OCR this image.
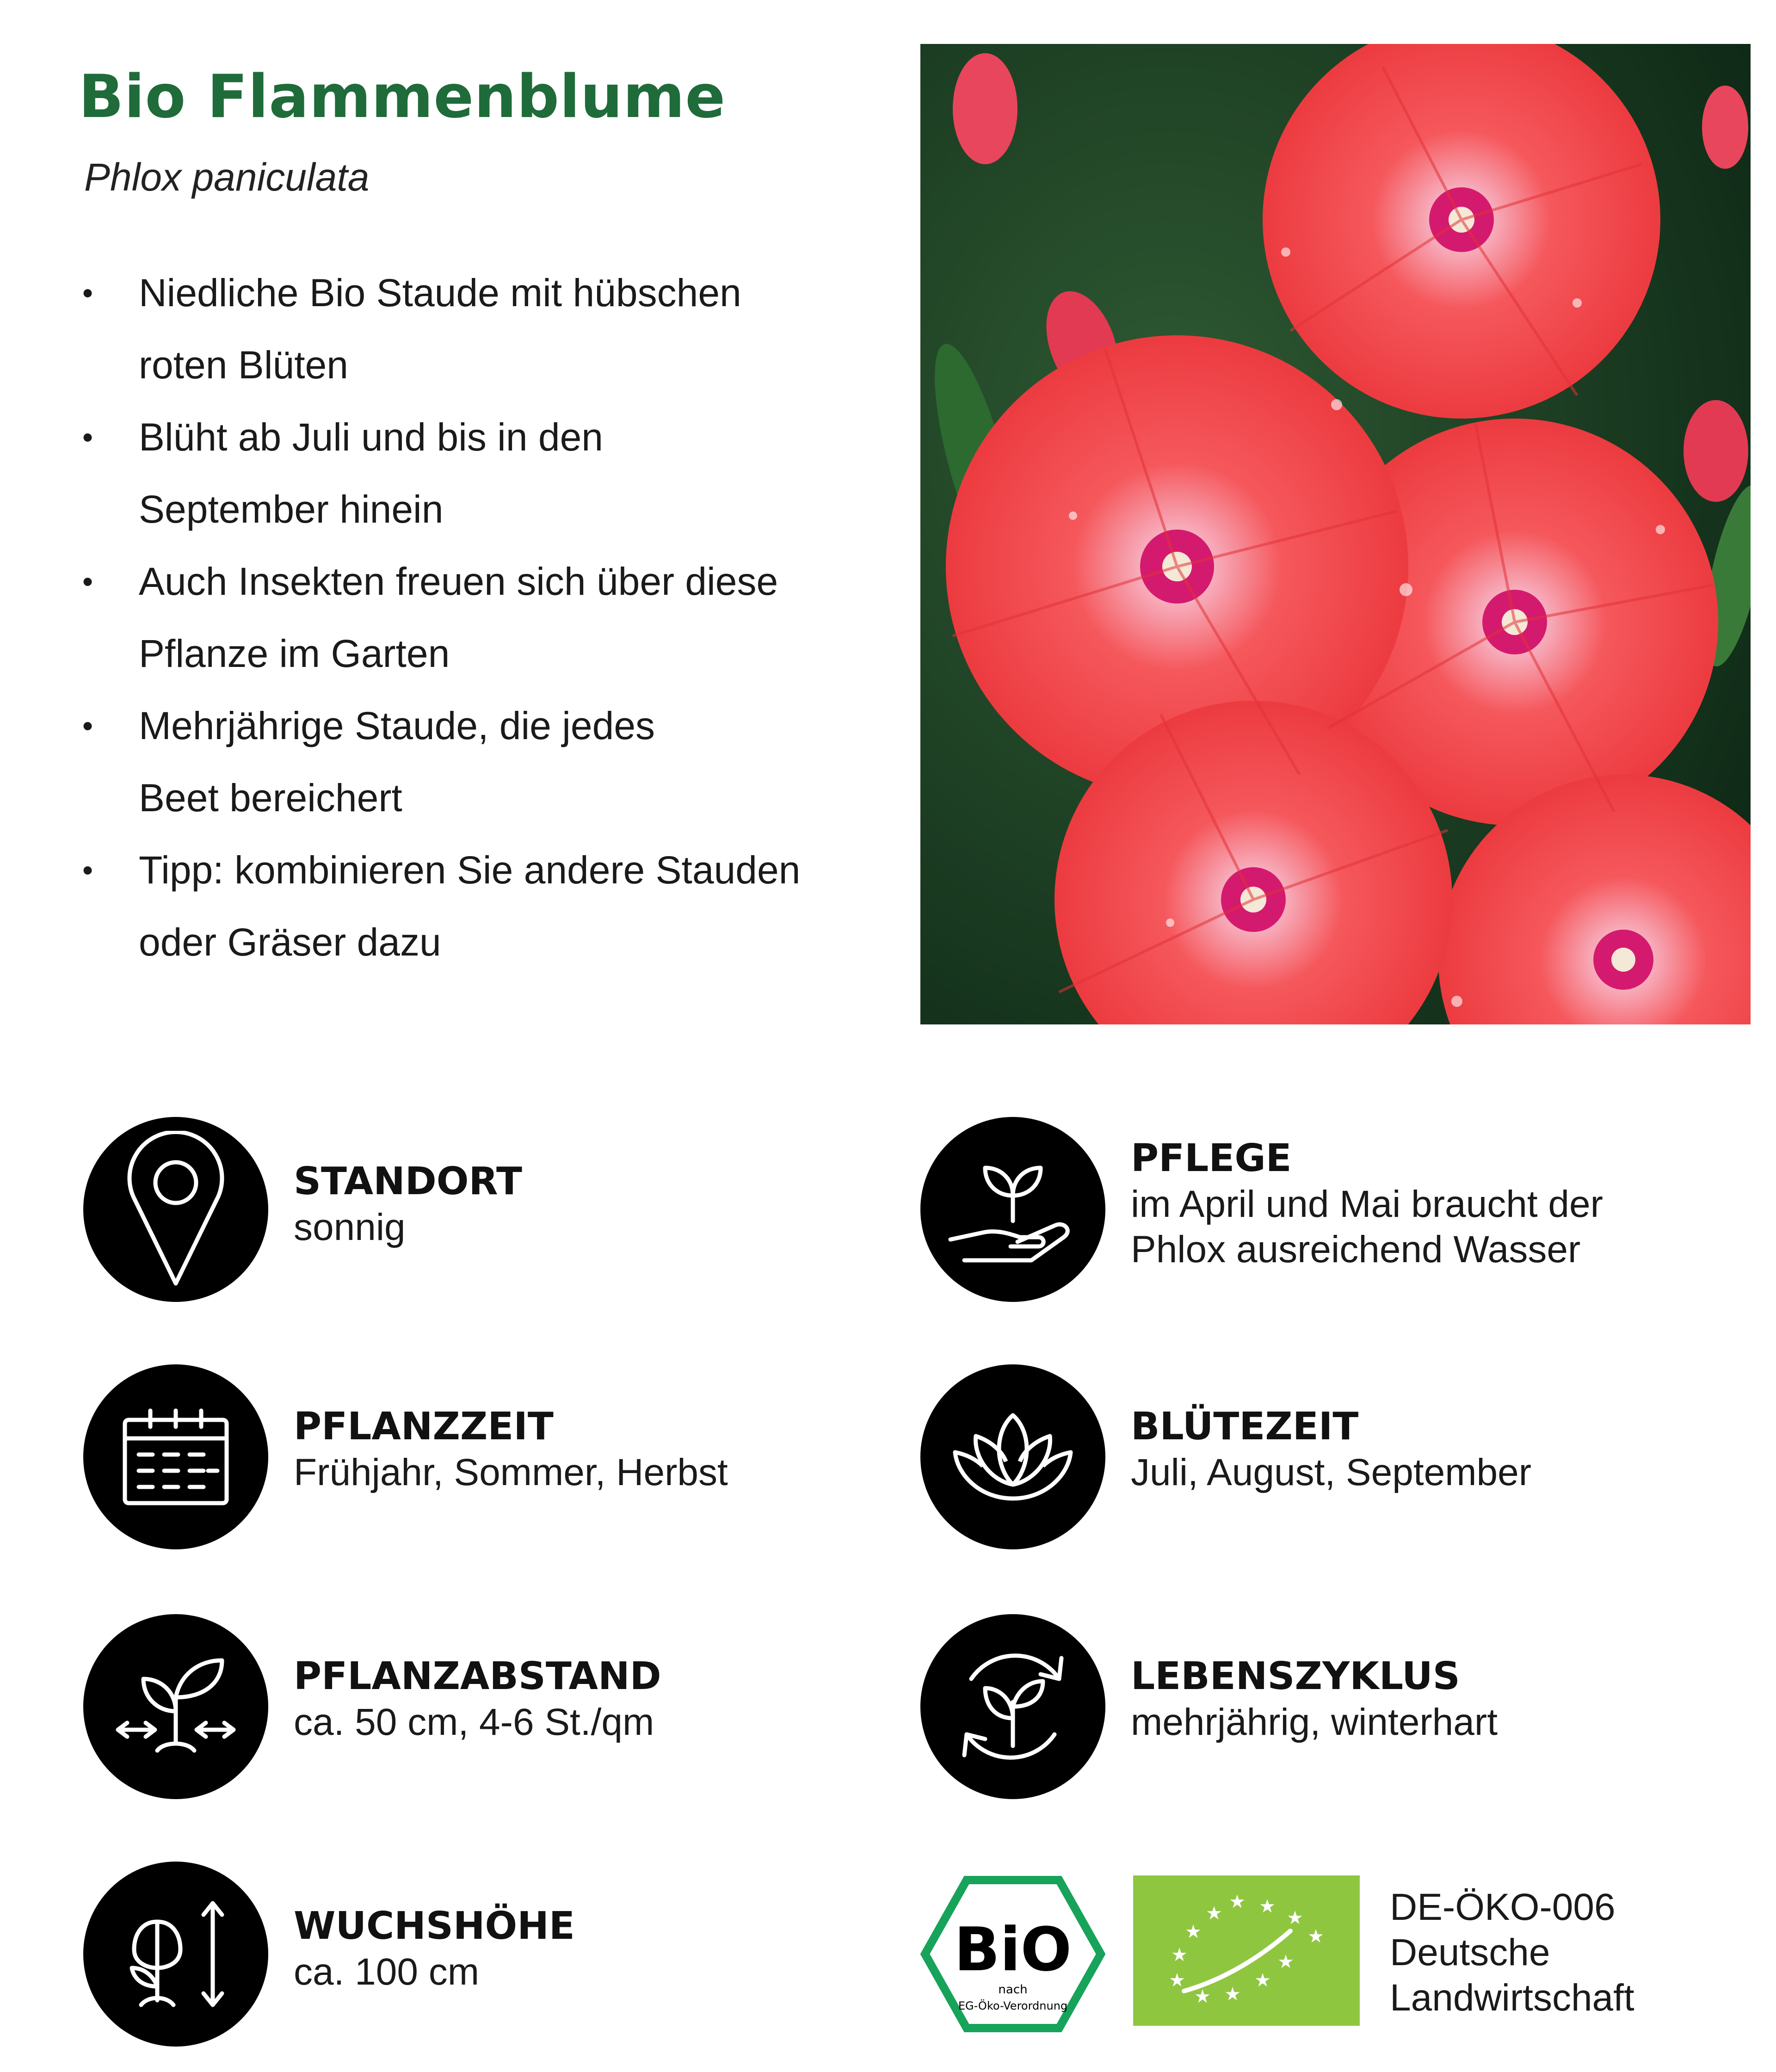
Bio Flammenblume
Phlox paniculata
• Niedliche Bio Staude mit hübschen
roten Blüten
• Blüht ab Juli und bis in den
September hinein
• Auch Insekten freuen sich über diese
Pflanze im Garten
• Mehrjährige Staude, die jedes
Beet bereichert
• Tipp: kombinieren Sie andere Stauden
oder Gräser dazu
STANDORT
sonnig
PFLEGE
im April und Mai braucht der
Phlox ausreichend Wasser
PFLANZZEIT
Frühjahr, Sommer, Herbst
BLÜTEZEIT
Juli, August, September
PFLANZABSTAND
ca. 50 cm, 4-6 St./qm
LEBENSZYKLUS
mehrjährig, winterhart
WUCHSHÖHE
ca. 100 cm	BiO
nach
EG-Öko-Verordnung
★ ★
★
★
★
★
★
★
★ ★
★
★
DE-ÖKO-006
Deutsche
Landwirtschaft
